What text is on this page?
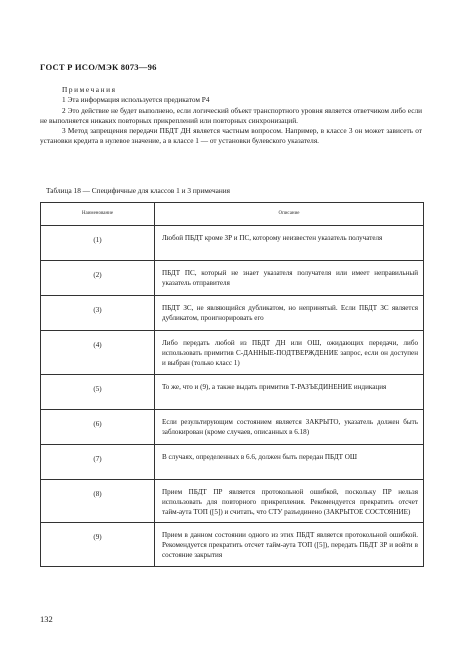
ГОСТ Р ИСО/МЭК 8073—96

Примечания

1 Эта информация используется предикатом Р4

2 Это действие не будет выполнено, если логический объект транспортного уровня является ответчиком либо если не выполняется никаких повторных прикреплений или повторных синхронизаций.

3 Метод запрещения передачи ПБДТ ДН является частным вопросом. Например, в классе 3 он может зависеть от установки кредита в нулевое значение, а в классе 1 — от установки булевского указателя.

Таблица 18 — Специфичные для классов 1 и 3 примечания
Наименование	Описание
(1)	Любой ПБДТ кроме ЗР и ПС, которому неизвестен указатель получателя
(2)	ПБДТ ПС, который не знает указателя получателя или имеет неправильный указатель отправителя
(3)	ПБДТ ЗС, не являющийся дубликатом, но непринятый. Если ПБДТ ЗС является дубликатом, проигнорировать его
(4)	Либо передать любой из ПБДТ ДН или ОШ, ожидающих передачи, либо использовать примитив С-ДАННЫЕ-ПОДТВЕРЖДЕНИЕ запрос, если он доступен и выбран (только класс 1)
(5)	То же, что и (9), а также выдать примитив Т-РАЗЪЕДИНЕНИЕ индикация
(6)	Если результирующим состоянием является ЗАКРЫТО, указатель должен быть заблокирован (кроме случаев, описанных в 6.18)
(7)	В случаях, определенных в 6.6, должен быть передан ПБДТ ОШ
(8)	Прием ПБДТ ПР является протокольной ошибкой, поскольку ПР нельзя использовать для повторного прикрепления. Рекомендуется прекратить отсчет тайм-аута ТОП ([5]) и считать, что СТУ разъединено (ЗАКРЫТОЕ СОСТОЯНИЕ)
(9)	Прием в данном состоянии одного из этих ПБДТ является протокольной ошибкой. Рекомендуется прекратить отсчет тайм-аута ТОП ([5]), передать ПБДТ ЗР и войти в состояние закрытия
132
